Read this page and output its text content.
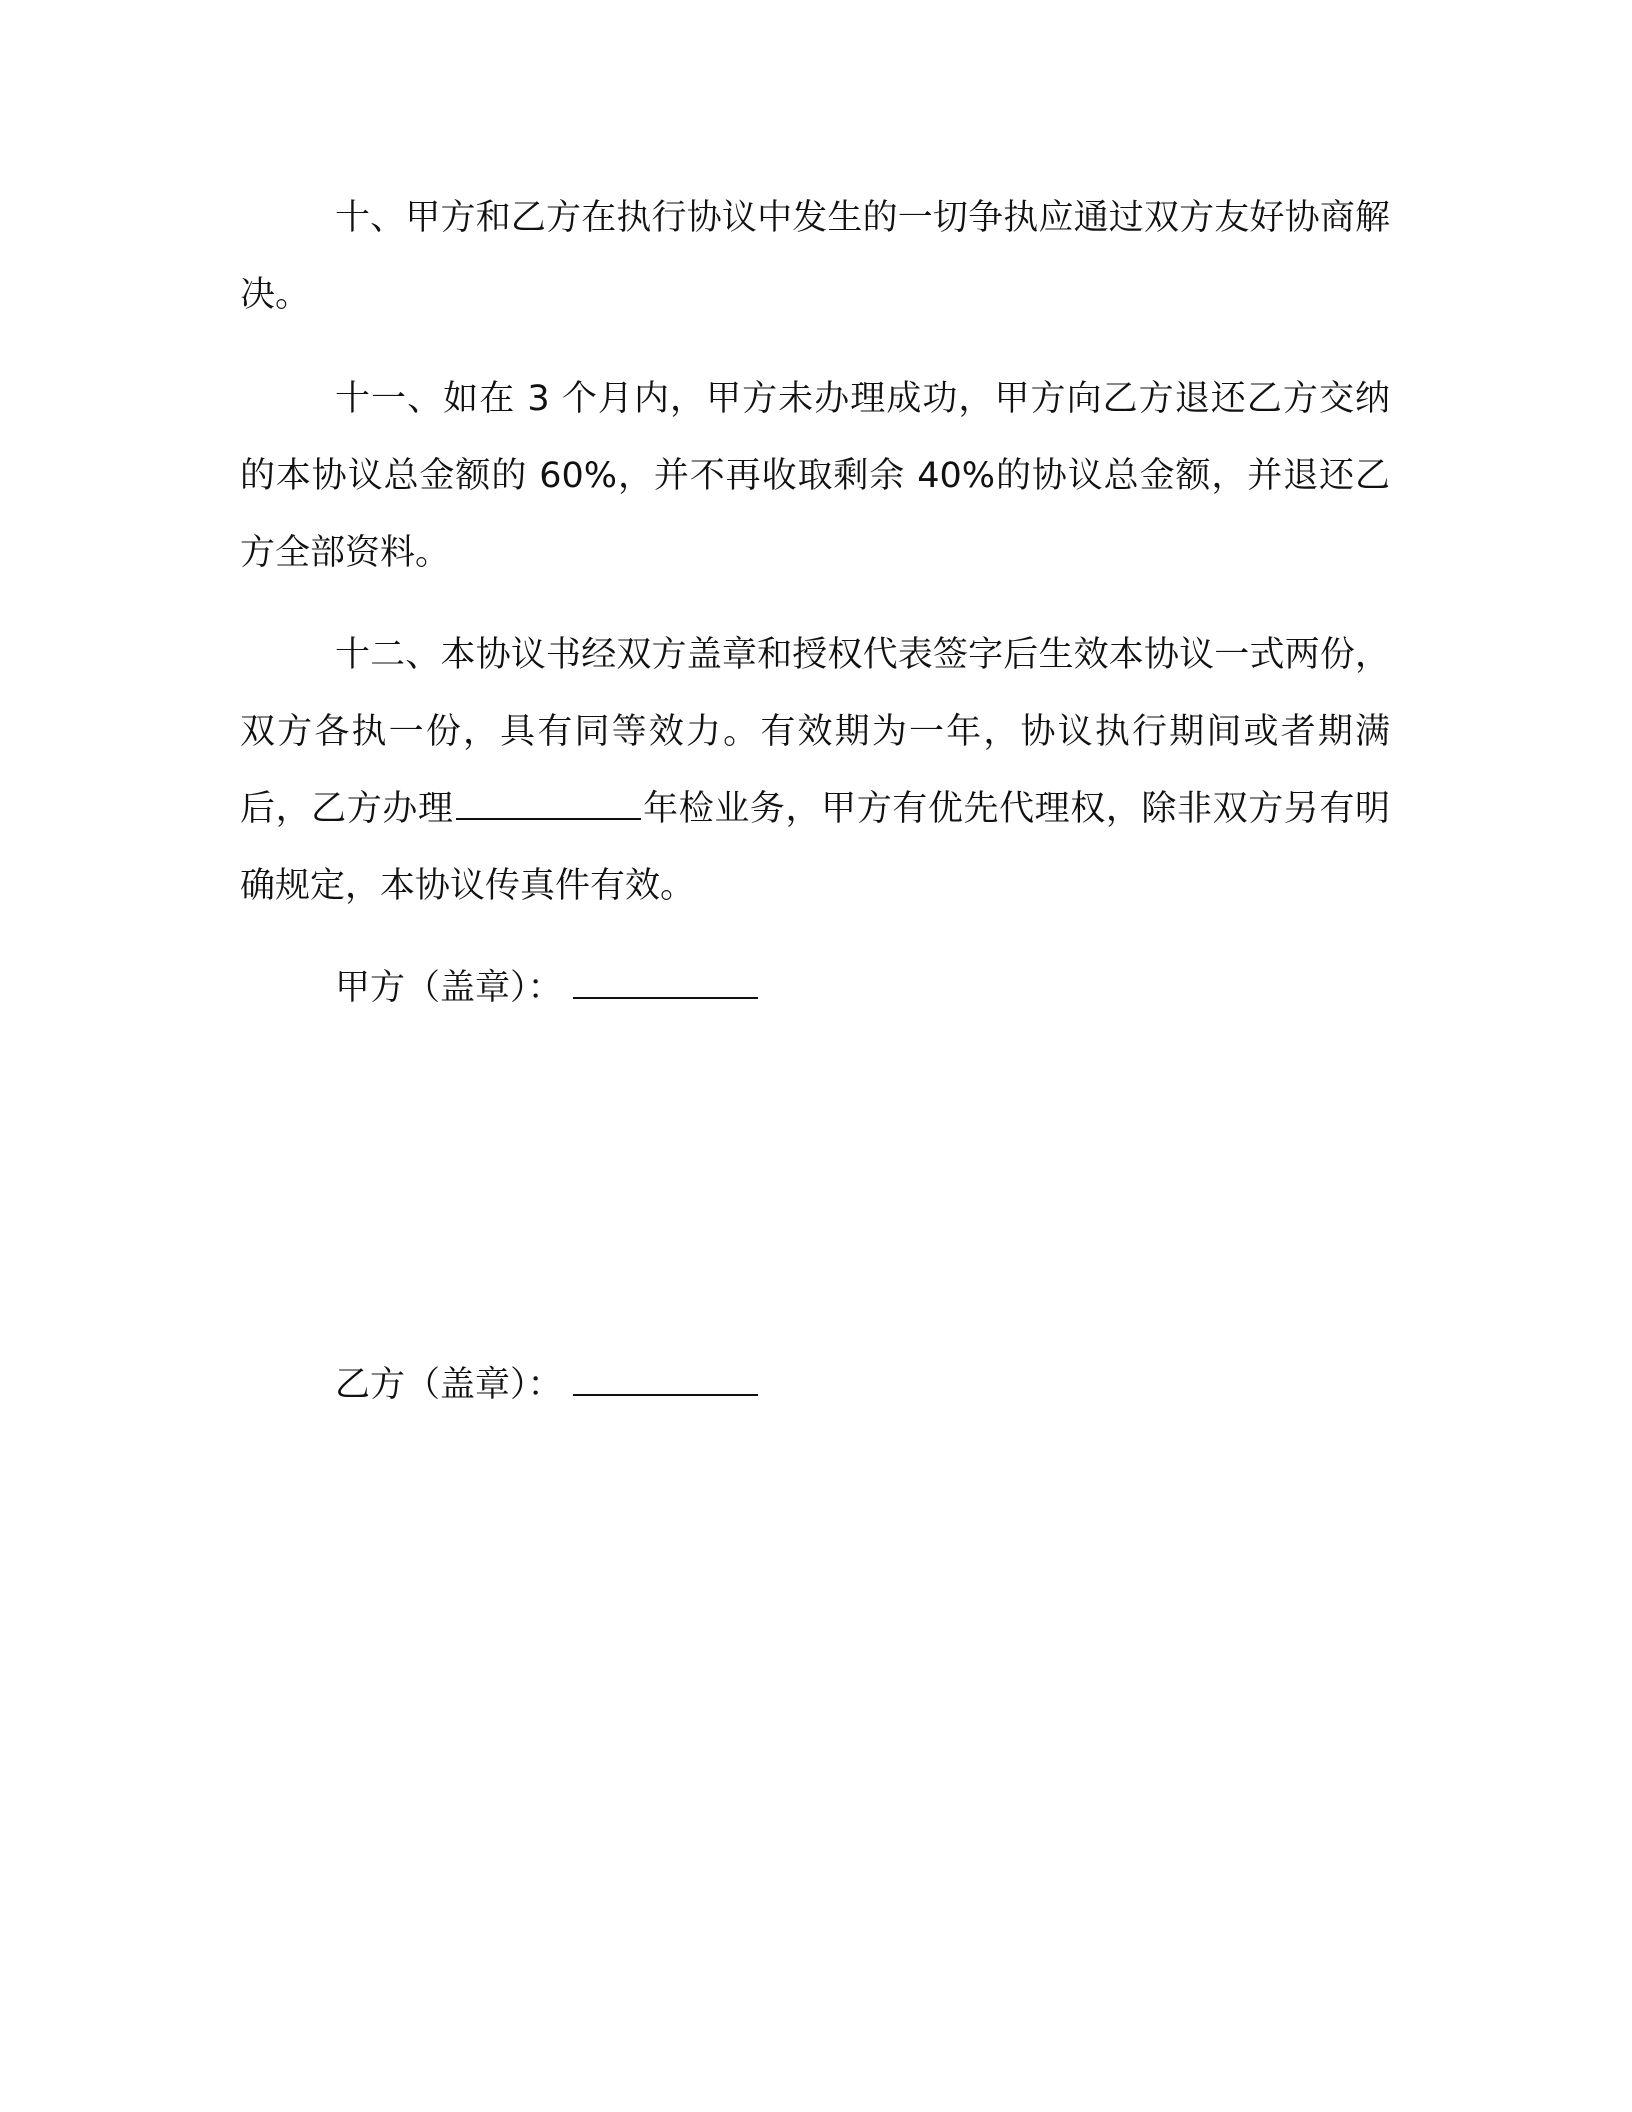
十、甲方和乙方在执行协议中发生的一切争执应通过双方友好协商解决。

十一、如在 3 个月内，甲方未办理成功，甲方向乙方退还乙方交纳的本协议总金额的 60%，并不再收取剩余 40%的协议总金额，并退还乙方全部资料。

十二、本协议书经双方盖章和授权代表签字后生效本协议一式两份，双方各执一份，具有同等效力。有效期为一年，协议执行期间或者期满后，乙方办理	年检业务，甲方有优先代理权，除非双方另有明确规定，本协议传真件有效。

甲方（盖章）：
乙方（盖章）：
